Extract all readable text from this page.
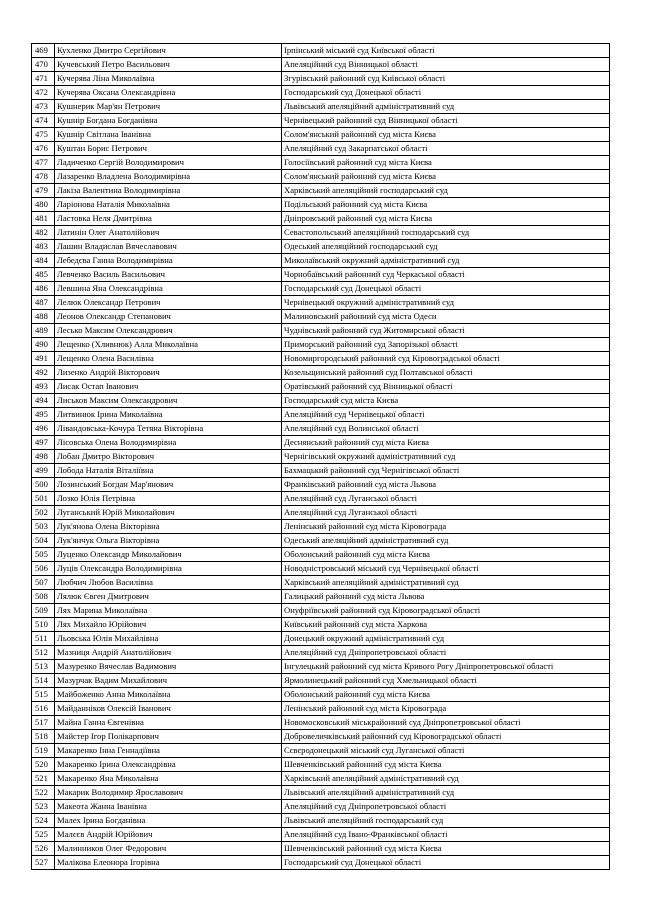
469	Кухленко Дмитро Сергійович	Ірпінський міський суд Київської області
470	Кучевський Петро Васильович	Апеляційний суд Вінницької області
471	Кучерява Ліна Миколаївна	Згурівський районний суд Київської області
472	Кучерява Оксана Олександрівна	Господарський суд Донецької області
473	Кушнерик Мар'ян Петрович	Львівський апеляційний адміністративний суд
474	Кушнір Богдана Богданівна	Чернівецький районний суд Вінницької області
475	Кушнір Світлана Іванівна	Солом'янський районний суд міста Києва
476	Куштан Борис Петрович	Апеляційний суд Закарпатської області
477	Ладиченко Сергій Володимирович	Голосіївський районний суд міста Києва
478	Лазаренко Владлена Володимирівна	Солом'янський районний суд міста Києва
479	Лакіза Валентина Володимирівна	Харківський апеляційний господарський суд
480	Ларіонова Наталія Миколаївна	Подільський районний суд міста Києва
481	Ластовка Неля Дмитрівна	Дніпровський районний суд міста Києва
482	Латинін Олег Анатолійович	Севастопольський апеляційний господарський суд
483	Лашин Владислав Вячеславович	Одеський апеляційний господарський суд
484	Лебедєва Ганна Володимирівна	Миколаївський окружний адміністративний суд
485	Левченко Василь Васильович	Чорнобаївський районний суд Черкаської області
486	Левшина Яна Олександрівна	Господарський суд Донецької області
487	Лелюк Олександр Петрович	Чернівецький окружний адміністративний суд
488	Леонов Олександр Степанович	Малиновський районний суд міста Одеси
489	Лесько Максим Олександрович	Чуднівський районний суд Житомирської області
490	Лещенко (Хливнюк) Алла Миколаївна	Приморський районний суд Запорізької області
491	Лещенко Олена Василівна	Новомиргородський районний суд Кіровоградської області
492	Лизенко Андрій Вікторович	Козельщинський районний суд Полтавської області
493	Лисак Остап Іванович	Оратівський районний суд Вінницької області
494	Лиськов Максим Олександрович	Господарський суд міста Києва
495	Литвинюк Ірина Миколаївна	Апеляційний суд Чернівецької області
496	Лівандовська-Кочура Тетяна Вікторівна	Апеляційний суд Волинської області
497	Лісовська Олена Володимирівна	Деснянський районний суд міста Києва
498	Лобан Дмитро Вікторович	Чернігівський окружний адміністративний суд
499	Лобода Наталія Віталіївна	Бахмацький районний суд Чернігівської області
500	Лозинський Богдан Мар'янович	Франківський районний суд міста Львова
501	Лозко Юлія Петрівна	Апеляційний суд Луганської області
502	Луганський Юрій Миколайович	Апеляційний суд Луганської області
503	Лук'янова Олена Вікторівна	Ленінський районний суд міста Кіровограда
504	Лук'янчук Ольга Вікторівна	Одеський апеляційний адміністративний суд
505	Луценко Олександр Миколайович	Оболонський районний суд міста Києва
506	Луців Олександра Володимирівна	Новодністровський міський суд Чернівецької області
507	Любчич Любов Василівна	Харківський апеляційний адміністративний суд
508	Лялюк Євген Дмитрович	Галицький районний суд міста Львова
509	Лях Марина Миколаївна	Онуфріївський районний суд Кіровоградської області
510	Лях Михайло Юрійович	Київський районний суд міста Харкова
511	Льовська Юлія Михайлівна	Донецький окружний адміністративний суд
512	Мазниця Андрій Анатолійович	Апеляційний суд Дніпропетровської області
513	Мазуренко Вячеслав Вадимович	Інгулецький районний суд міста Кривого Рогу Дніпропетровської області
514	Мазурчак Вадим Михайлович	Ярмолинецький районний суд Хмельницької області
515	Майбоженко Анна Миколаївна	Оболонський районний суд міста Києва
516	Майданніков Олексій Іванович	Ленінський районний суд міста Кіровограда
517	Майна Ганна Євгенівна	Новомосковський міськрайонний суд Дніпропетровської області
518	Майстер Ігор Полікарпович	Добровеличківський районний суд Кіровоградської області
519	Макаренко Інна Геннадіївна	Сєвєродонецький міський суд Луганської області
520	Макаренко Ірина Олександрівна	Шевченківський районний суд міста Києва
521	Макаренко Яна Миколаївна	Харківський апеляційний адміністративний суд
522	Макарик Володимир Ярославович	Львівський апеляційний адміністративний суд
523	Макеота Жанна Іванівна	Апеляційний суд Дніпропетровської області
524	Малех Ірина Богданівна	Львівський апеляційний господарський суд
525	Малєєв Андрій Юрійович	Апеляційний суд Івано-Франківської області
526	Малинников Олег Федорович	Шевченківський районний суд міста Києва
527	Малікова Елеонора Ігорівна	Господарський суд Донецької області
